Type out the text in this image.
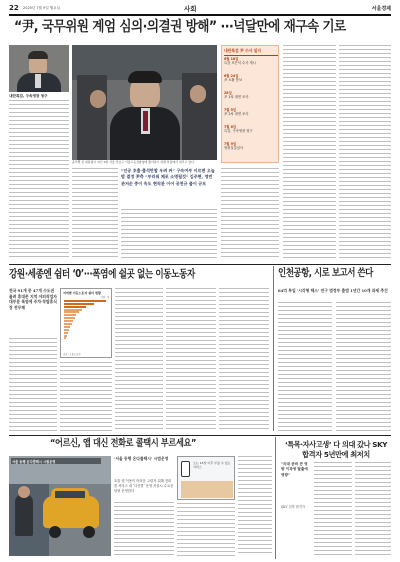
22 2025년 7월 9일 월요일	사회	서울경제
“尹, 국무위원 계엄 심의·의결권 방해” ···넉달만에 재구속 기로
내란특검, 구속영장 청구
윤석열 전 대통령이 지난 9일 서울 서초구 서울고등검찰청에 출석하기 위해 차량에서 내리고 있다.
“인공 호출·출석만할 우려 커” 구속여부 이르면 오늘밤 결정 尹측 “부러워 체포 소명될것” 김주현, 영빈관저손 중이 속도 현직관 이어 공천규 줄이 규모
내란특검 尹 수사 일지
6월 18일
특검 조은석 수사 개시
6월 24일
尹 소환 통보
28일
尹 1차 대면 조사
7월 5일
尹 2차 대면 조사
7월 6일
특검, 구속영장 청구
7월 9일
영장실질심사
강원·세종엔 쉼터 ‘0’···폭염에 쉴곳 없는 이동노동자
전국 91개 중 47개 수도권 몰려 휴대폰 지역 야외작업자 대부분 폭염에 주차·착탈휴식장 전무해
지역별 이동노동자 쉼터 현황
단위: 개
자료: 고용노동부
인천공항, 시로 보고서 쓴다
84억 투입 ‘시각형 텍스’ 연구 범정부 출범 1년간 10개 과제 추진
“어르신, 앱 대신 전화로 콜택시 부르세요”
서울 동행 온다콜택시 시범운영
‘서울 동행 온다콜택시’ 시범운영
호출 앱 이용이 어려운 고령자 위해 전화 콜 서비스 대 ‘다산콜’ 운영 서울시 수요응답형 운영한다
오는 15일 이후 부를 수 있는 서비스
‘특목·자사고생’ 다 의대 갔나 SKY 합격자 5년만에 최저치
“의대 준비 큰 영향 이과생 탈출에 영향”
SKY 입학 합격자
